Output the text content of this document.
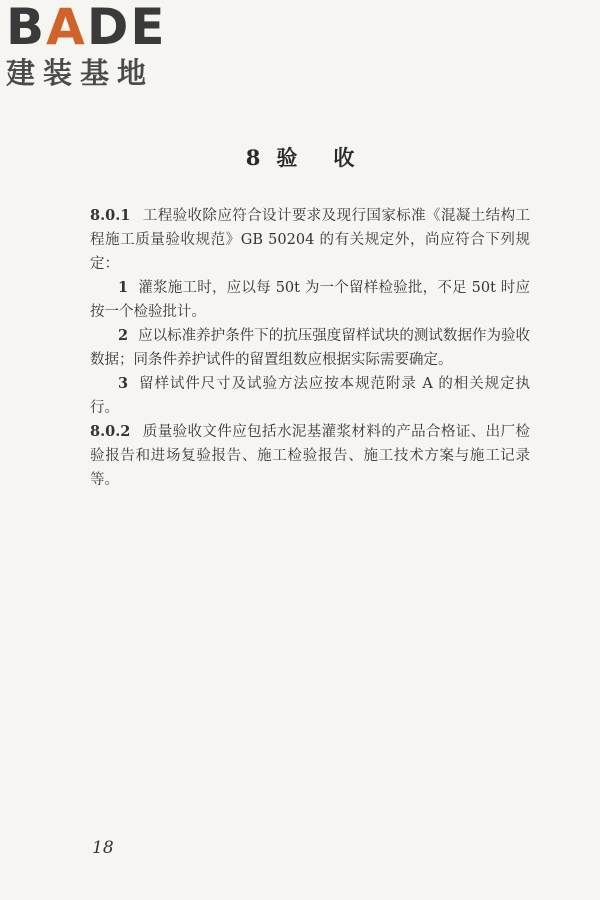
BADE
建装基地
8 验 收

8.0.1 工程验收除应符合设计要求及现行国家标准《混凝土结构工程施工质量验收规范》GB 50204 的有关规定外，尚应符合下列规定：

1 灌浆施工时，应以每 50t 为一个留样检验批，不足 50t 时应按一个检验批计。

2 应以标准养护条件下的抗压强度留样试块的测试数据作为验收数据；同条件养护试件的留置组数应根据实际需要确定。

3 留样试件尺寸及试验方法应按本规范附录 A 的相关规定执行。

8.0.2 质量验收文件应包括水泥基灌浆材料的产品合格证、出厂检验报告和进场复验报告、施工检验报告、施工技术方案与施工记录等。

18
